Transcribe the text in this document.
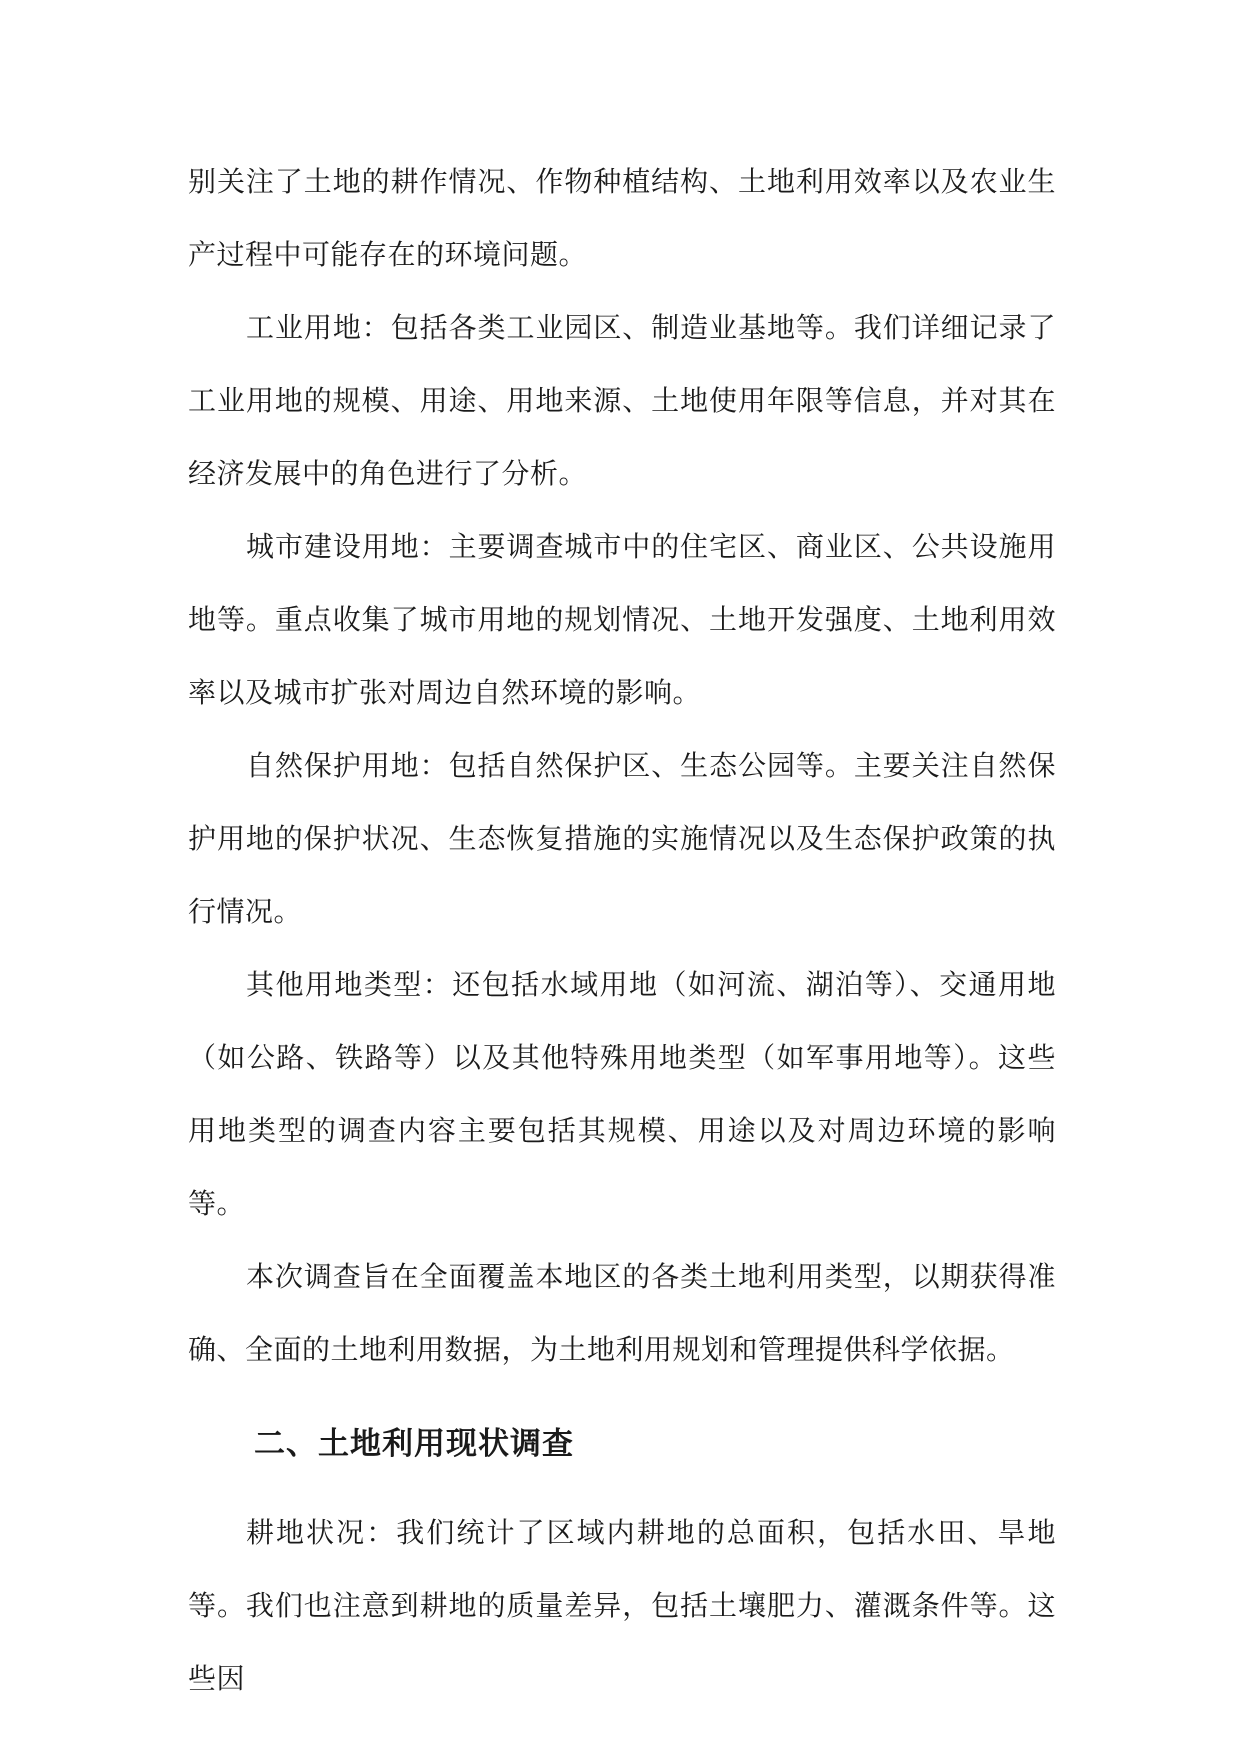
别关注了土地的耕作情况、作物种植结构、土地利用效率以及农业生产过程中可能存在的环境问题。

工业用地：包括各类工业园区、制造业基地等。我们详细记录了工业用地的规模、用途、用地来源、土地使用年限等信息，并对其在经济发展中的角色进行了分析。

城市建设用地：主要调查城市中的住宅区、商业区、公共设施用地等。重点收集了城市用地的规划情况、土地开发强度、土地利用效率以及城市扩张对周边自然环境的影响。

自然保护用地：包括自然保护区、生态公园等。主要关注自然保护用地的保护状况、生态恢复措施的实施情况以及生态保护政策的执行情况。

其他用地类型：还包括水域用地（如河流、湖泊等）、交通用地（如公路、铁路等）以及其他特殊用地类型（如军事用地等）。这些用地类型的调查内容主要包括其规模、用途以及对周边环境的影响等。

本次调查旨在全面覆盖本地区的各类土地利用类型，以期获得准确、全面的土地利用数据，为土地利用规划和管理提供科学依据。

二、土地利用现状调查

耕地状况：我们统计了区域内耕地的总面积，包括水田、旱地等。我们也注意到耕地的质量差异，包括土壤肥力、灌溉条件等。这些因
